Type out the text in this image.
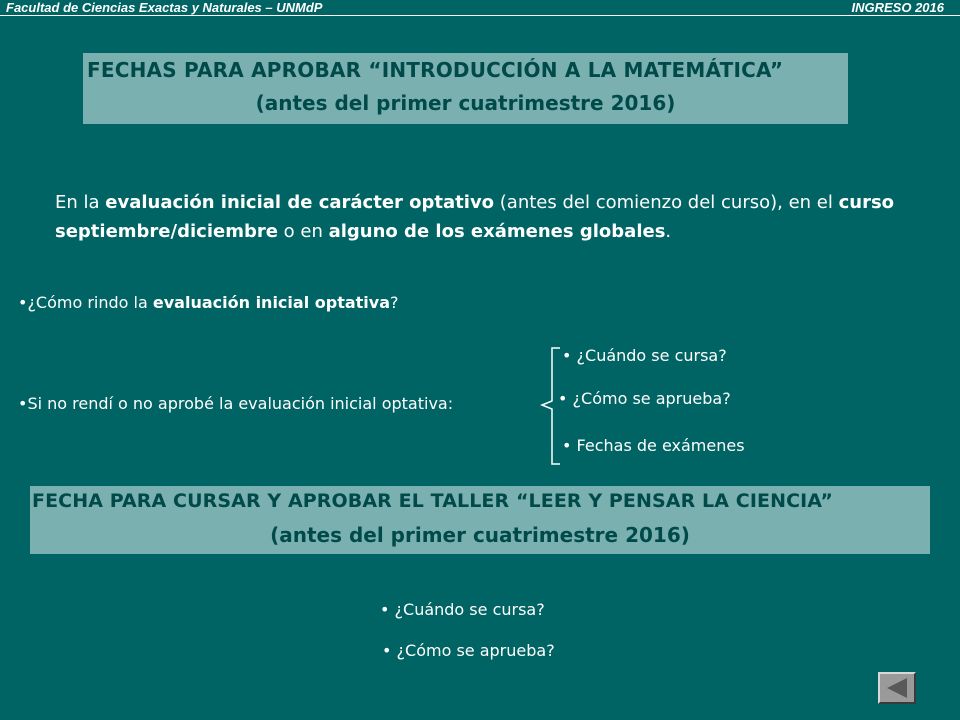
Facultad de Ciencias Exactas y Naturales – UNMdP	INGRESO 2016
FECHAS PARA APROBAR “INTRODUCCIÓN A LA MATEMÁTICA”
(antes del primer cuatrimestre 2016)
En la evaluación inicial de carácter optativo (antes del comienzo del curso), en el curso septiembre/diciembre o en alguno de los exámenes globales.
•¿Cómo rindo la evaluación inicial optativa?
•Si no rendí o no aprobé la evaluación inicial optativa:
• ¿Cuándo se cursa?
• ¿Cómo se aprueba?
• Fechas de exámenes
FECHA PARA CURSAR Y APROBAR EL TALLER “LEER Y PENSAR LA CIENCIA”
(antes del primer cuatrimestre 2016)
• ¿Cuándo se cursa?
• ¿Cómo se aprueba?
